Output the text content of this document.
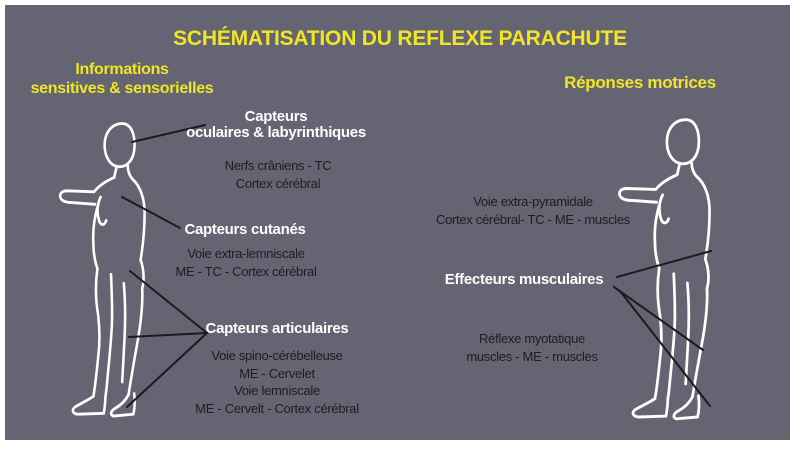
SCHÉMATISATION DU REFLEXE PARACHUTE
Informations
sensitives & sensorielles	Réponses motrices
Capteurs
oculaires & labyrinthiques
Nerfs crâniens - TC
Cortex cérébral
Capteurs cutanés
Voie extra-lemniscale
ME - TC - Cortex cérébral
Capteurs articulaires
Voie spino-cérébelleuse
ME - Cervelet
Voie lemniscale
ME - Cervelt - Cortex cérébral
Voie extra-pyramidale
Cortex cérébral- TC - ME - muscles
Effecteurs musculaires
Réflexe myotatique
muscles - ME - muscles
